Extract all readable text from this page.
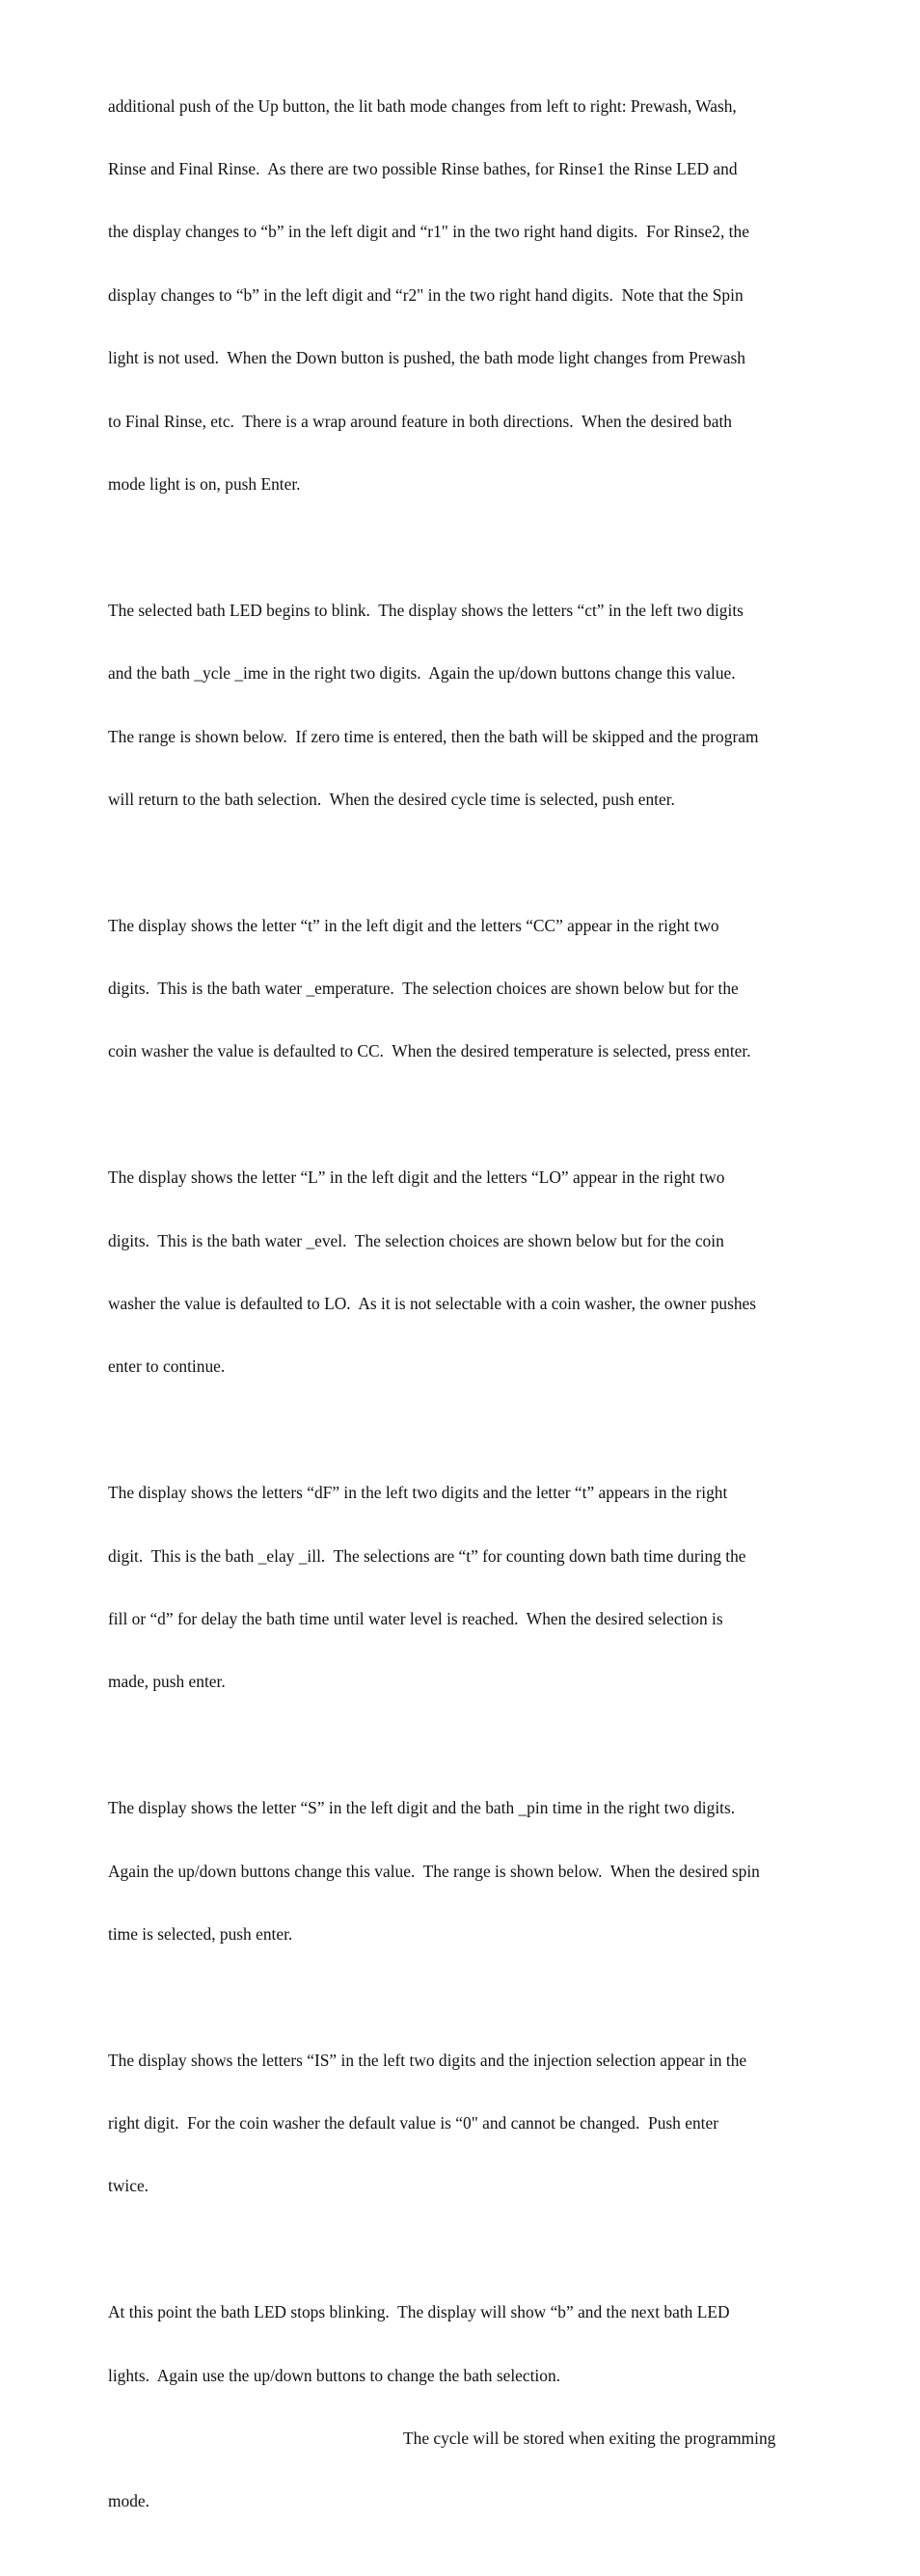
additional push of the Up button, the lit bath mode changes from left to right: Prewash, Wash,

Rinse and Final Rinse.  As there are two possible Rinse bathes, for Rinse1 the Rinse LED and

the display changes to “b” in the left digit and “r1" in the two right hand digits.  For Rinse2, the

display changes to “b” in the left digit and “r2" in the two right hand digits.  Note that the Spin

light is not used.  When the Down button is pushed, the bath mode light changes from Prewash

to Final Rinse, etc.  There is a wrap around feature in both directions.  When the desired bath

mode light is on, push Enter.

The selected bath LED begins to blink.  The display shows the letters “ct” in the left two digits

and the bath _ycle _ime in the right two digits.  Again the up/down buttons change this value.

The range is shown below.  If zero time is entered, then the bath will be skipped and the program

will return to the bath selection.  When the desired cycle time is selected, push enter.

The display shows the letter “t” in the left digit and the letters “CC” appear in the right two

digits.  This is the bath water _emperature.  The selection choices are shown below but for the

coin washer the value is defaulted to CC.  When the desired temperature is selected, press enter.

The display shows the letter “L” in the left digit and the letters “LO” appear in the right two

digits.  This is the bath water _evel.  The selection choices are shown below but for the coin

washer the value is defaulted to LO.  As it is not selectable with a coin washer, the owner pushes

enter to continue.

The display shows the letters “dF” in the left two digits and the letter “t” appears in the right

digit.  This is the bath _elay _ill.  The selections are “t” for counting down bath time during the

fill or “d” for delay the bath time until water level is reached.  When the desired selection is

made, push enter.

The display shows the letter “S” in the left digit and the bath _pin time in the right two digits.

Again the up/down buttons change this value.  The range is shown below.  When the desired spin

time is selected, push enter.

The display shows the letters “IS” in the left two digits and the injection selection appear in the

right digit.  For the coin washer the default value is “0" and cannot be changed.  Push enter

twice.

At this point the bath LED stops blinking.  The display will show “b” and the next bath LED

lights.  Again use the up/down buttons to change the bath selection.

The cycle will be stored when exiting the programming

mode.
